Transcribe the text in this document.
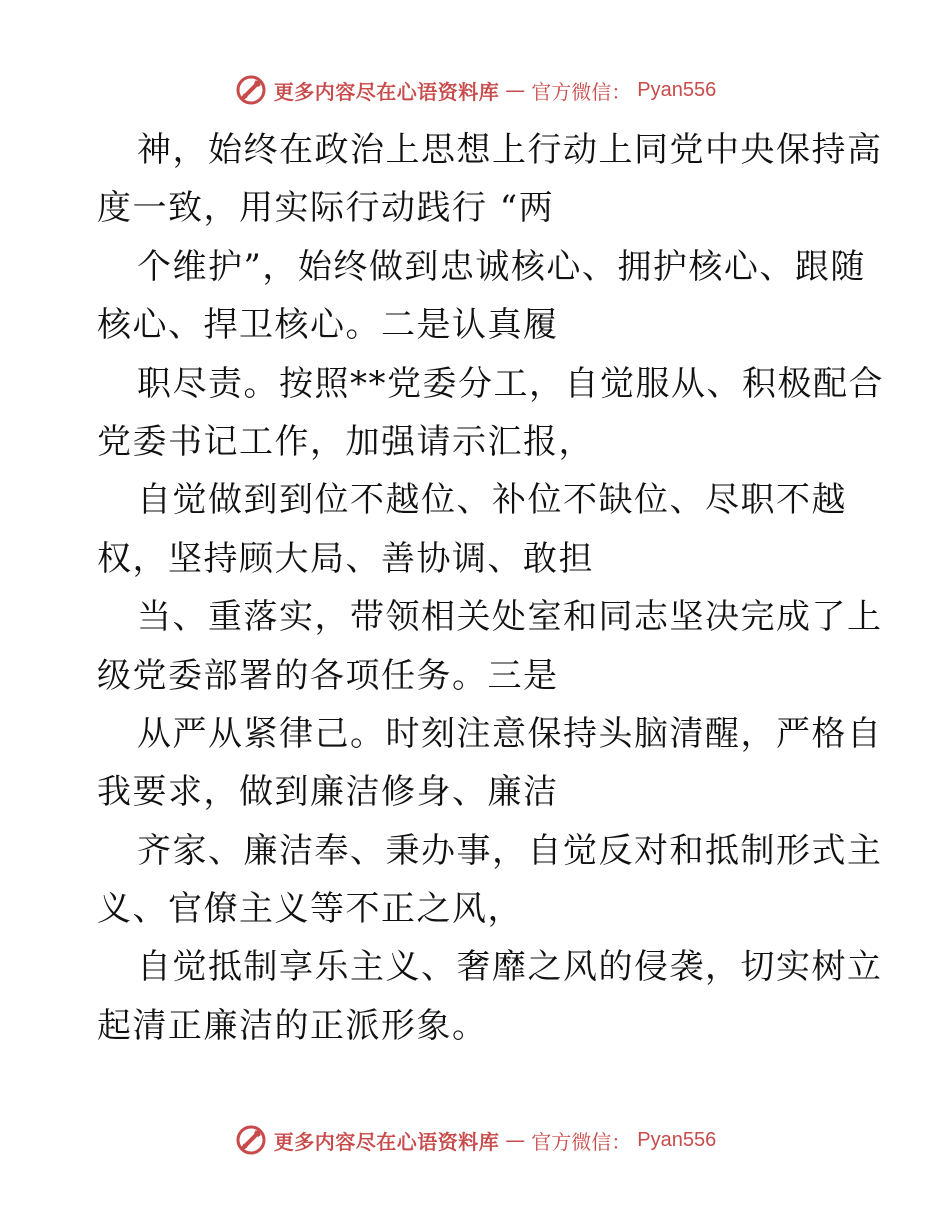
更多内容尽在心语资料库 — 官方微信： Pyan556
神，始终在政治上思想上行动上同党中央保持高
度一致，用实际行动践行 “两
个维护”，始终做到忠诚核心、拥护核心、跟随
核心、捍卫核心。二是认真履
职尽责。按照**党委分工，自觉服从、积极配合
党委书记工作，加强请示汇报，
自觉做到到位不越位、补位不缺位、尽职不越
权，坚持顾大局、善协调、敢担
当、重落实，带领相关处室和同志坚决完成了上
级党委部署的各项任务。三是
从严从紧律己。时刻注意保持头脑清醒，严格自
我要求，做到廉洁修身、廉洁
齐家、廉洁奉、秉办事，自觉反对和抵制形式主
义、官僚主义等不正之风，
自觉抵制享乐主义、奢靡之风的侵袭，切实树立
起清正廉洁的正派形象。
更多内容尽在心语资料库 — 官方微信： Pyan556
